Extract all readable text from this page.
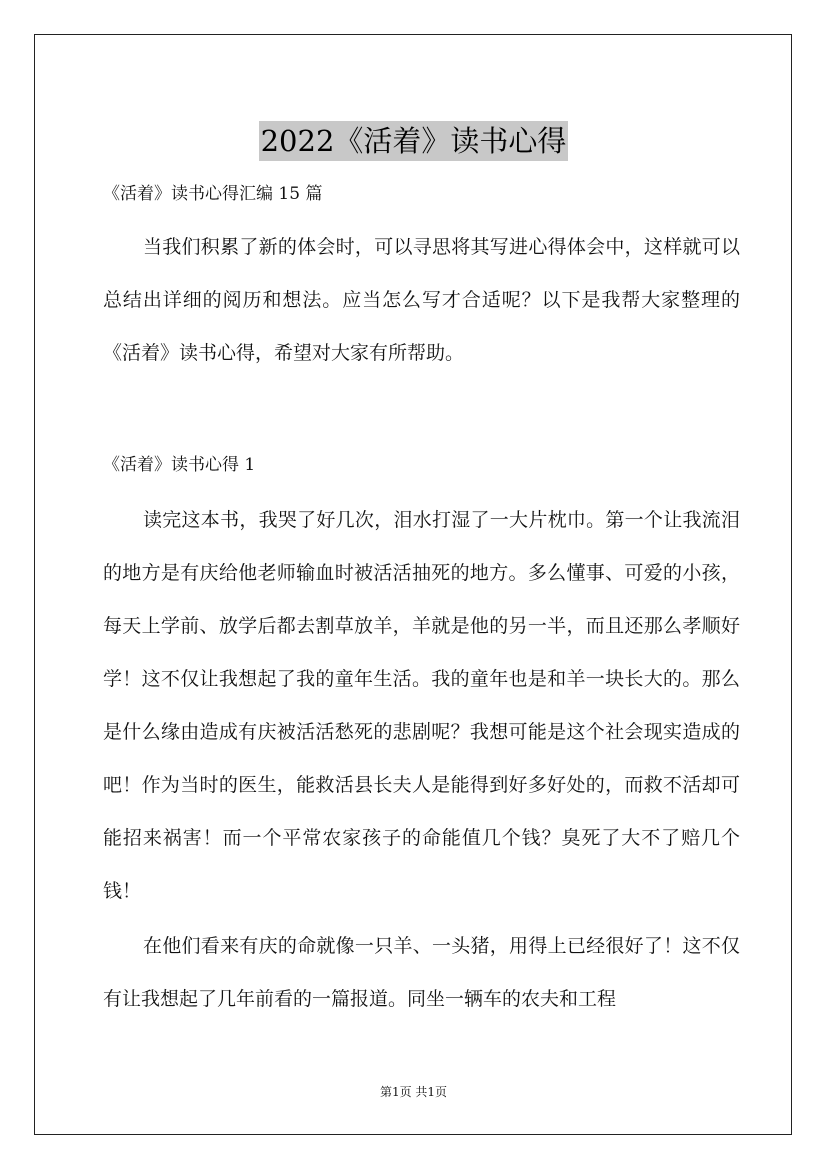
2022《活着》读书心得
《活着》读书心得汇编 15 篇

当我们积累了新的体会时，可以寻思将其写进心得体会中，这样就可以总结出详细的阅历和想法。应当怎么写才合适呢？以下是我帮大家整理的《活着》读书心得，希望对大家有所帮助。

《活着》读书心得 1

读完这本书，我哭了好几次，泪水打湿了一大片枕巾。第一个让我流泪的地方是有庆给他老师输血时被活活抽死的地方。多么懂事、可爱的小孩，每天上学前、放学后都去割草放羊，羊就是他的另一半，而且还那么孝顺好学！这不仅让我想起了我的童年生活。我的童年也是和羊一块长大的。那么是什么缘由造成有庆被活活愁死的悲剧呢？我想可能是这个社会现实造成的吧！作为当时的医生，能救活县长夫人是能得到好多好处的，而救不活却可能招来祸害！而一个平常农家孩子的命能值几个钱？臭死了大不了赔几个钱！

在他们看来有庆的命就像一只羊、一头猪，用得上已经很好了！这不仅有让我想起了几年前看的一篇报道。同坐一辆车的农夫和工程

第1页 共1页
